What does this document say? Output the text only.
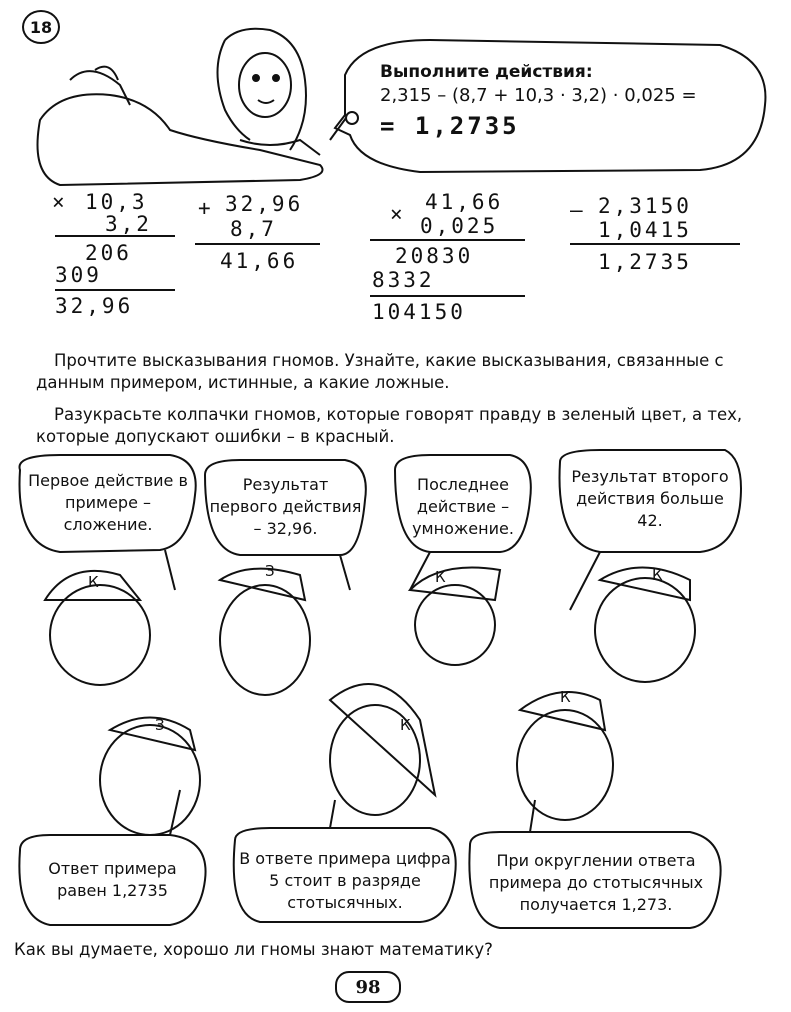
18
Выполните действия:
2,315 – (8,7 + 10,3 · 3,2) · 0,025 =
= 1,2735
× 10,3
3,2
206
309
32,96
+ 32,96
8,7
41,66
× 41,66
0,025
20830
8332
104150
– 2,3150
1,0415
1,2735
Прочтите высказывания гномов. Узнайте, какие высказывания, связанные с данным примером, истинные, а какие ложные.
Разукрасьте колпачки гномов, которые говорят правду в зеленый цвет, а тех, которые допускают ошибки – в красный.
Первое действие в примере – сложение.
Результат первого действия – 32,96.
Последнее действие – умножение.
Результат второго действия больше 42.
Ответ примера равен 1,2735
В ответе примера цифра 5 стоит в разряде стотысячных.
При округлении ответа примера до стотысячных получается 1,273.
К
З	К	К
З	К
К
Как вы думаете, хорошо ли гномы знают математику?
98
